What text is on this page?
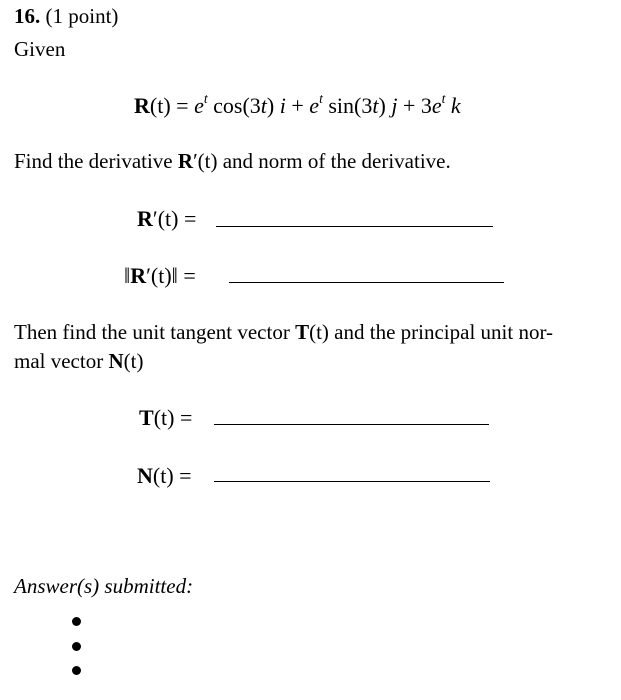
16. (1 point)
Given
$R(t) = e^t$ cos(3t) $i + e^t$ sin(3t) $j + 3e^t$ k
Find the derivative R′(t) and norm of the derivative.
R′(t) =
‖R′(t)‖ =
Then find the unit tangent vector T(t) and the principal unit nor-
mal vector N(t)
T(t) =
N(t) =
Answer(s) submitted:
